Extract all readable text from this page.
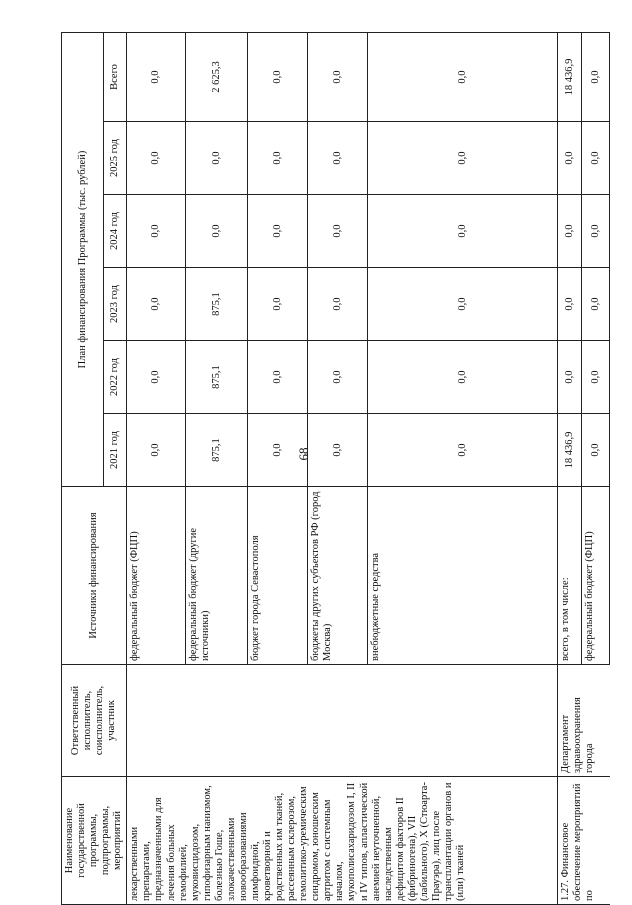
68
Наименование государственной программы, подпрограммы, мероприятий	Ответственный исполнитель, соисполнитель, участник	Источники финансирования	План финансирования Программы (тыс. рублей)					
			2021 год	2022 год	2023 год	2024 год	2025 год	Всего
лекарственными препаратами, предназначенными для лечения больных гемофилией, муковисцидозом, гипофизарным нанизмом, болезнью Гоше, злокачественными новообразованиями лимфоидной, кроветворной и родственных им тканей, рассеянным склерозом, гемолитико-уремическим синдромом, юношеским артритом с системным началом, мукополисахаридозом I, II и IV типов, апластической анемией неуточненной, наследственным дефицитом факторов II (фибриногена), VII (лабильного), X (Стюарта-Прауэра), лиц после трансплантации органов и (или) тканей		федеральный бюджет (ФЦП)	0,0	0,0	0,0	0,0	0,0	0,0
		федеральный бюджет (другие источники)	875,1	875,1	875,1	0,0	0,0	2 625,3
		бюджет города Севастополя	0,0	0,0	0,0	0,0	0,0	0,0
		бюджеты других субъектов РФ (город Москва)	0,0	0,0	0,0	0,0	0,0	0,0
		внебюджетные средства	0,0	0,0	0,0	0,0	0,0	0,0
1.27. Финансовое обеспечение мероприятий по	Департамент здравоохранения города	всего, в том числе:	18 436,9	0,0	0,0	0,0	0,0	18 436,9
		федеральный бюджет (ФЦП)	0,0	0,0	0,0	0,0	0,0	0,0
